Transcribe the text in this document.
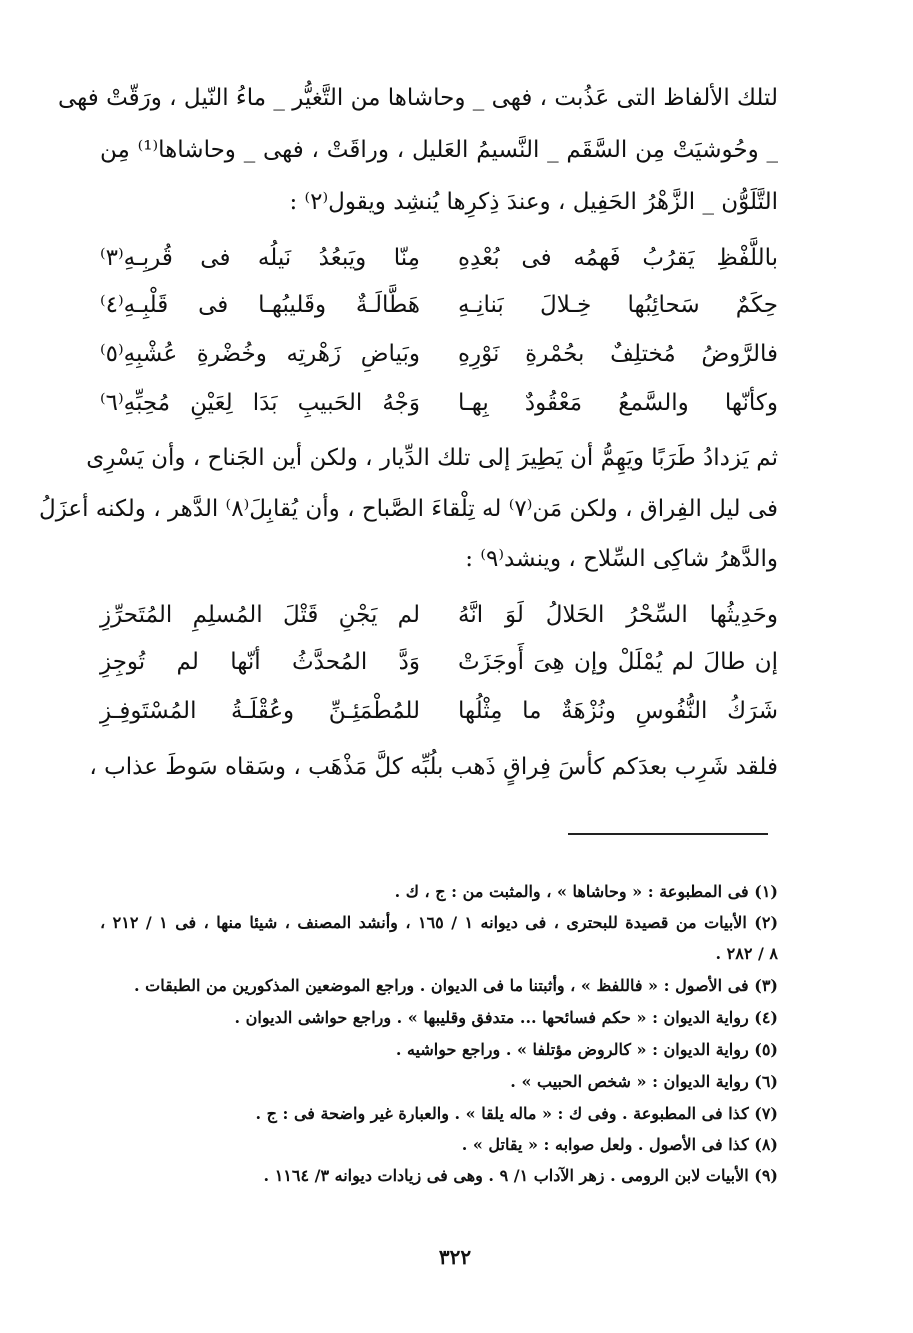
لتلك الألفاظ التى عَذُبت ، فهى _ وحاشاها من التَّغيُّر _ ماءُ النّيل ، ورَقّتْ فهى
_ وحُوشيَتْ مِن السَّقَم _ النَّسيمُ العَليل ، وراقَتْ ، فهى _ وحاشاها⁽¹⁾ مِن
التَّلَوُّن _ الزَّهْرُ الحَفِيل ، وعندَ ذِكرِها يُنشِد ويقول⁽٢⁾ :
باللَّفْظِ يَقرُبُ فَهمُه فى بُعْدِهِ
مِنّا ويَبعُدُ نَيلُه فى قُربِـهِ⁽٣⁾
حِكَمٌ سَحائِبُها خِـلالَ بَنانِـهِ
هَطَّالَـةٌ وقَليبُهـا فى قَلْبِـهِ⁽٤⁾
فالرَّوضُ مُختلِفٌ بحُمْرةِ نَوْرِهِ
وبَياضِ زَهْرتِه وخُضْرةِ عُشْبِهِ⁽٥⁾
وكأنّها والسَّمعُ مَعْقُودٌ بِهـا
وَجْهُ الحَبيبِ بَدَا لِعَيْنِ مُحِبِّهِ⁽٦⁾
ثم يَزدادُ طَرَبًا ويَهِمُّ أن يَطِيرَ إلى تلك الدِّيار ، ولكن أين الجَناح ، وأن يَسْرِى
فى ليل الفِراق ، ولكن مَن⁽٧⁾ له تِلْقاءَ الصَّباح ، وأن يُقابِلَ⁽٨⁾ الدَّهر ، ولكنه أعزَلُ
والدَّهرُ شاكِى السِّلاح ، وينشد⁽٩⁾ :
وحَدِيثُها السِّحْرُ الحَلالُ لَوَ انَّهُ
لم يَجْنِ قَتْلَ المُسلِمِ المُتَحرِّزِ
إن طالَ لم يُمْلَلْ وإن هِىَ أَوجَزَتْ
وَدَّ المُحدَّثُ أنّها لم تُوجِزِ
شَرَكُ النُّفُوسِ ونُزْهَةٌ ما مِثْلُها
للمُطْمَئِـنِّ وعُقْلَـةُ المُسْتَوفِـزِ
فلقد شَرِب بعدَكم كأسَ فِراقٍ ذَهب بلُبِّه كلَّ مَذْهَب ، وسَقاه سَوطَ عذاب ،
(١) فى المطبوعة : « وحاشاها » ، والمثبت من : ج ، ك .
(٢) الأبيات من قصيدة للبحترى ، فى ديوانه ١ / ١٦٥ ، وأنشد المصنف ، شيئا منها ، فى ١ / ٢١٢ ،
٨ / ٢٨٢ .
(٣) فى الأصول : « فاللفظ » ، وأثبتنا ما فى الديوان . وراجع الموضعين المذكورين من الطبقات .
(٤) رواية الديوان : « حكم فسائحها ... متدفق وقليبها » . وراجع حواشى الديوان .
(٥) رواية الديوان : « كالروض مؤتلفا » . وراجع حواشيه .
(٦) رواية الديوان : « شخص الحبيب » .
(٧) كذا فى المطبوعة . وفى ك : « ماله يلقا » . والعبارة غير واضحة فى : ج .
(٨) كذا فى الأصول . ولعل صوابه : « يقاتل » .
(٩) الأبيات لابن الرومى . زهر الآداب ١/ ٩ . وهى فى زيادات ديوانه ٣/ ١١٦٤ .
٣٢٢
